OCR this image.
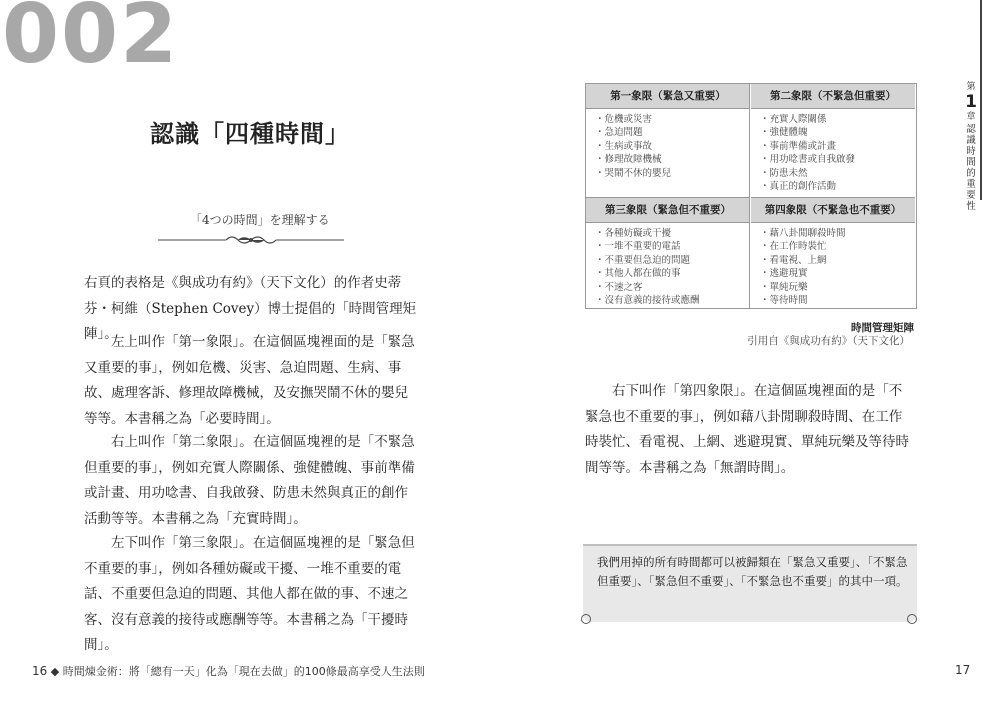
002
認識「四種時間」
「4つの時間」を理解する

右頁的表格是《與成功有約》（天下文化）的作者史蒂芬・柯維（Stephen Covey）博士提倡的「時間管理矩陣」。

左上叫作「第一象限」。在這個區塊裡面的是「緊急又重要的事」，例如危機、災害、急迫問題、生病、事故、處理客訴、修理故障機械，及安撫哭鬧不休的嬰兒等等。本書稱之為「必要時間」。

右上叫作「第二象限」。在這個區塊裡的是「不緊急但重要的事」，例如充實人際關係、強健體魄、事前準備或計畫、用功唸書、自我啟發、防患未然與真正的創作活動等等。本書稱之為「充實時間」。

左下叫作「第三象限」。在這個區塊裡的是「緊急但不重要的事」，例如各種妨礙或干擾、一堆不重要的電話、不重要但急迫的問題、其他人都在做的事、不速之客、沒有意義的接待或應酬等等。本書稱之為「干擾時間」。

16 ◆ 時間煉金術：將「總有一天」化為「現在去做」的100條最高享受人生法則
第一象限（緊急又重要）
・ 危機或災害
・ 急迫問題
・ 生病或事故
・ 修理故障機械
・ 哭鬧不休的嬰兒
第二象限（不緊急但重要）
・ 充實人際關係
・ 強健體魄
・ 事前準備或計畫
・ 用功唸書或自我啟發
・ 防患未然
・ 真正的創作活動
第三象限（緊急但不重要）
・ 各種妨礙或干擾
・ 一堆不重要的電話
・ 不重要但急迫的問題
・ 其他人都在做的事
・ 不速之客
・ 沒有意義的接待或應酬
第四象限（不緊急也不重要）
・ 藉八卦閒聊殺時間
・ 在工作時裝忙
・ 看電視、上網
・ 逃避現實
・ 單純玩樂
・ 等待時間
時間管理矩陣
引用自《與成功有約》（天下文化）

右下叫作「第四象限」。在這個區塊裡面的是「不緊急也不重要的事」，例如藉八卦閒聊殺時間、在工作時裝忙、看電視、上網、逃避現實、單純玩樂及等待時間等等。本書稱之為「無謂時間」。

我們用掉的所有時間都可以被歸類在「緊急又重要」、「不緊急但重要」、「緊急但不重要」、「不緊急也不重要」的其中一項。

17
第
1
章
認
識
時
間
的
重
要
性
